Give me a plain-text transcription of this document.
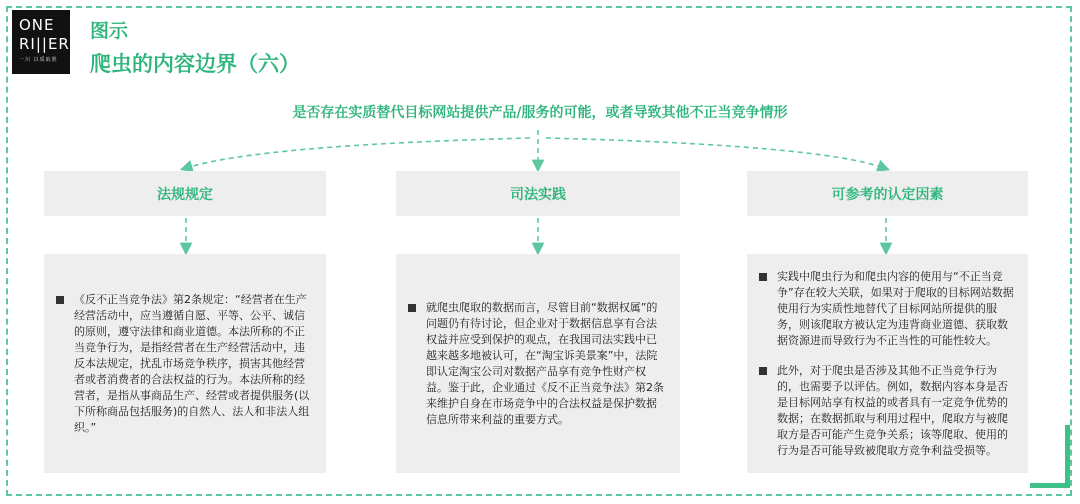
ONE
RI||ER
一川 以质取胜
图示
爬虫的内容边界（六）
是否存在实质替代目标网站提供产品/服务的可能，或者导致其他不正当竞争情形
法规规定	司法实践	可参考的认定因素
《反不正当竞争法》第2条规定：“经营者在生产经营活动中，应当遵循自愿、平等、公平、诚信的原则，遵守法律和商业道德。本法所称的不正当竞争行为，是指经营者在生产经营活动中，违反本法规定，扰乱市场竞争秩序，损害其他经营者或者消费者的合法权益的行为。本法所称的经营者，是指从事商品生产、经营或者提供服务(以下所称商品包括服务)的自然人、法人和非法人组织。”
就爬虫爬取的数据而言，尽管目前“数据权属”的问题仍有待讨论，但企业对于数据信息享有合法权益并应受到保护的观点，在我国司法实践中已越来越多地被认可，在“淘宝诉美景案”中，法院即认定淘宝公司对数据产品享有竞争性财产权益。鉴于此，企业通过《反不正当竞争法》第2条来维护自身在市场竞争中的合法权益是保护数据信息所带来利益的重要方式。
实践中爬虫行为和爬虫内容的使用与“不正当竞争”存在较大关联，如果对于爬取的目标网站数据使用行为实质性地替代了目标网站所提供的服务，则该爬取方被认定为违背商业道德、获取数据资源进而导致行为不正当性的可能性较大。
此外，对于爬虫是否涉及其他不正当竞争行为的，也需要予以评估。例如，数据内容本身是否是目标网站享有权益的或者具有一定竞争优势的数据；在数据抓取与利用过程中，爬取方与被爬取方是否可能产生竞争关系；该等爬取、使用的行为是否可能导致被爬取方竞争利益受损等。
